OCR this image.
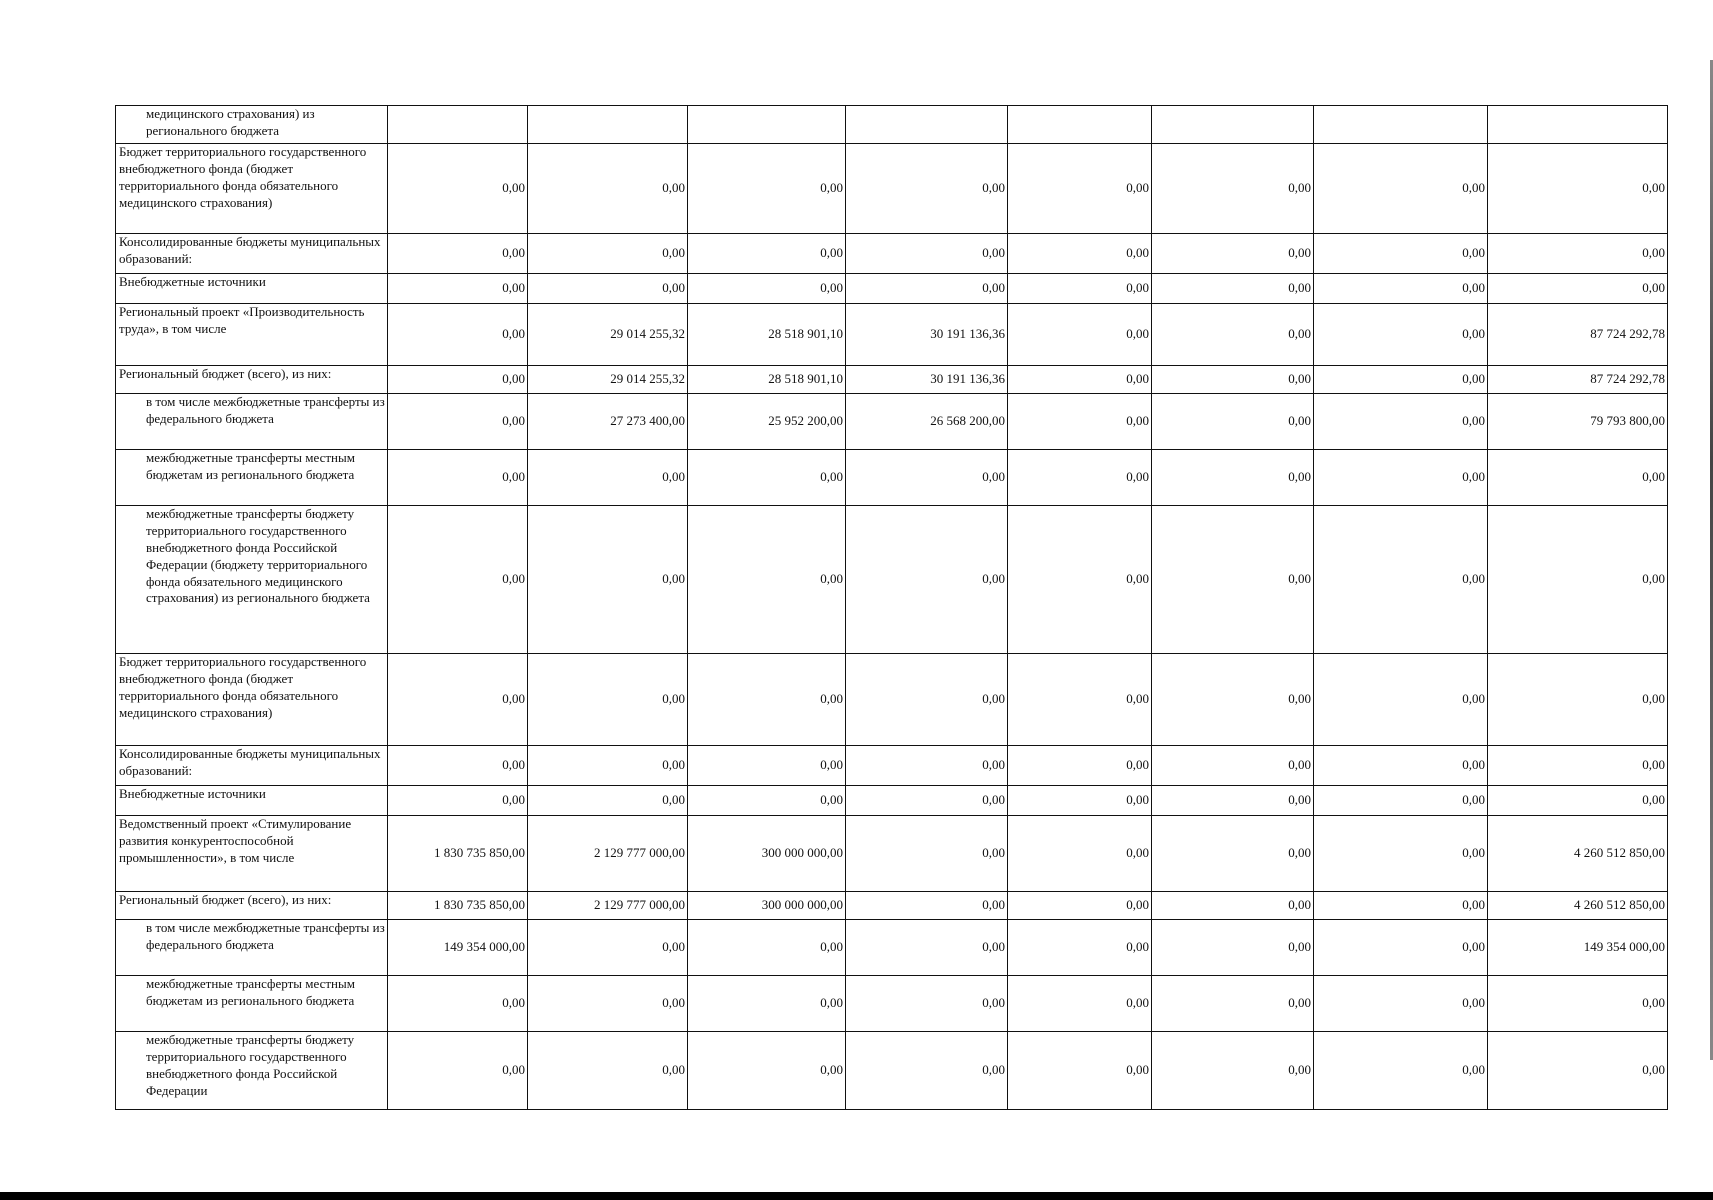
медицинского страхования) из регионального бюджета								
Бюджет территориального государственного внебюджетного фонда (бюджет территориального фонда обязательного медицинского страхования)	0,00	0,00	0,00	0,00	0,00	0,00	0,00	0,00
Консолидированные бюджеты муниципальных образований:	0,00	0,00	0,00	0,00	0,00	0,00	0,00	0,00
Внебюджетные источники	0,00	0,00	0,00	0,00	0,00	0,00	0,00	0,00
Региональный проект «Производительность труда», в том числе	0,00	29 014 255,32	28 518 901,10	30 191 136,36	0,00	0,00	0,00	87 724 292,78
Региональный бюджет (всего), из них:	0,00	29 014 255,32	28 518 901,10	30 191 136,36	0,00	0,00	0,00	87 724 292,78
в том числе межбюджетные трансферты из федерального бюджета	0,00	27 273 400,00	25 952 200,00	26 568 200,00	0,00	0,00	0,00	79 793 800,00
межбюджетные трансферты местным бюджетам из регионального бюджета	0,00	0,00	0,00	0,00	0,00	0,00	0,00	0,00
межбюджетные трансферты бюджету территориального государственного внебюджетного фонда Российской Федерации (бюджету территориального фонда обязательного медицинского страхования) из регионального бюджета	0,00	0,00	0,00	0,00	0,00	0,00	0,00	0,00
Бюджет территориального государственного внебюджетного фонда (бюджет территориального фонда обязательного медицинского страхования)	0,00	0,00	0,00	0,00	0,00	0,00	0,00	0,00
Консолидированные бюджеты муниципальных образований:	0,00	0,00	0,00	0,00	0,00	0,00	0,00	0,00
Внебюджетные источники	0,00	0,00	0,00	0,00	0,00	0,00	0,00	0,00
Ведомственный проект «Стимулирование развития конкурентоспособной промышленности», в том числе	1 830 735 850,00	2 129 777 000,00	300 000 000,00	0,00	0,00	0,00	0,00	4 260 512 850,00
Региональный бюджет (всего), из них:	1 830 735 850,00	2 129 777 000,00	300 000 000,00	0,00	0,00	0,00	0,00	4 260 512 850,00
в том числе межбюджетные трансферты из федерального бюджета	149 354 000,00	0,00	0,00	0,00	0,00	0,00	0,00	149 354 000,00
межбюджетные трансферты местным бюджетам из регионального бюджета	0,00	0,00	0,00	0,00	0,00	0,00	0,00	0,00
межбюджетные трансферты бюджету территориального государственного внебюджетного фонда Российской Федерации	0,00	0,00	0,00	0,00	0,00	0,00	0,00	0,00
